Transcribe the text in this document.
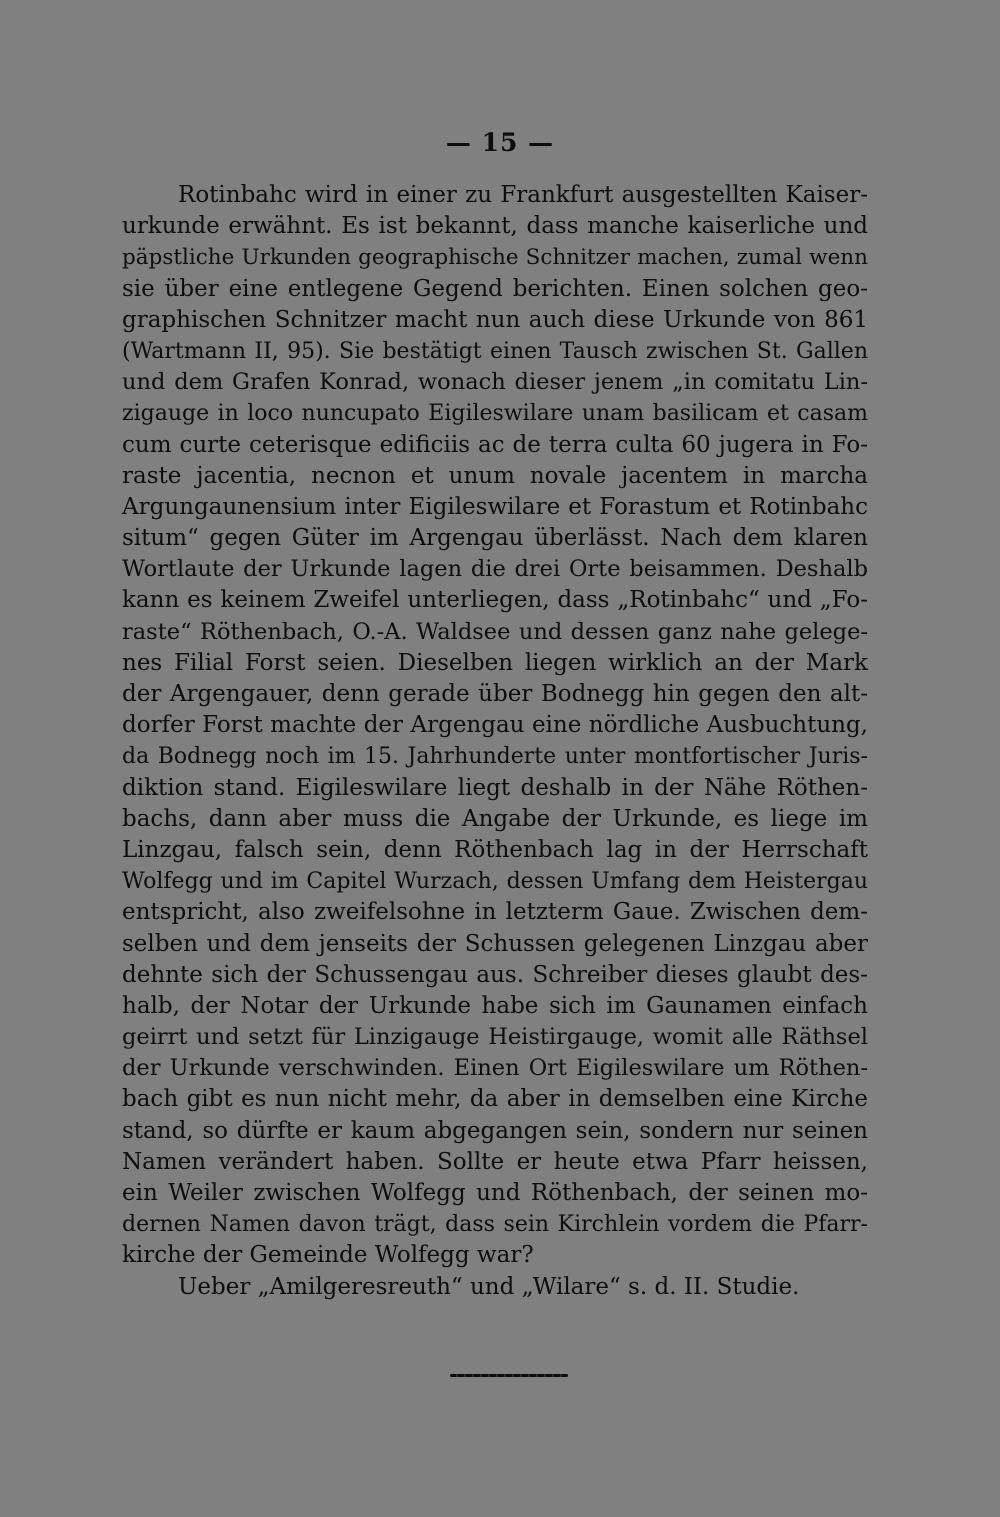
— 15 —
Rotinbahc wird in einer zu Frankfurt ausgestellten Kaiser-
urkunde erwähnt. Es ist bekannt, dass manche kaiserliche und
päpstliche Urkunden geographische Schnitzer machen, zumal wenn
sie über eine entlegene Gegend berichten. Einen solchen geo-
graphischen Schnitzer macht nun auch diese Urkunde von 861
(Wartmann II, 95). Sie bestätigt einen Tausch zwischen St. Gallen
und dem Grafen Konrad, wonach dieser jenem „in comitatu Lin-
zigauge in loco nuncupato Eigileswilare unam basilicam et casam
cum curte ceterisque edificiis ac de terra culta 60 jugera in Fo-
raste jacentia, necnon et unum novale jacentem in marcha
Argungaunensium inter Eigileswilare et Forastum et Rotinbahc
situm“ gegen Güter im Argengau überlässt. Nach dem klaren
Wortlaute der Urkunde lagen die drei Orte beisammen. Deshalb
kann es keinem Zweifel unterliegen, dass „Rotinbahc“ und „Fo-
raste“ Röthenbach, O.-A. Waldsee und dessen ganz nahe gelege-
nes Filial Forst seien. Dieselben liegen wirklich an der Mark
der Argengauer, denn gerade über Bodnegg hin gegen den alt-
dorfer Forst machte der Argengau eine nördliche Ausbuchtung,
da Bodnegg noch im 15. Jahrhunderte unter montfortischer Juris-
diktion stand. Eigileswilare liegt deshalb in der Nähe Röthen-
bachs, dann aber muss die Angabe der Urkunde, es liege im
Linzgau, falsch sein, denn Röthenbach lag in der Herrschaft
Wolfegg und im Capitel Wurzach, dessen Umfang dem Heistergau
entspricht, also zweifelsohne in letzterm Gaue. Zwischen dem-
selben und dem jenseits der Schussen gelegenen Linzgau aber
dehnte sich der Schussengau aus. Schreiber dieses glaubt des-
halb, der Notar der Urkunde habe sich im Gaunamen einfach
geirrt und setzt für Linzigauge Heistirgauge, womit alle Räthsel
der Urkunde verschwinden. Einen Ort Eigileswilare um Röthen-
bach gibt es nun nicht mehr, da aber in demselben eine Kirche
stand, so dürfte er kaum abgegangen sein, sondern nur seinen
Namen verändert haben. Sollte er heute etwa Pfarr heissen,
ein Weiler zwischen Wolfegg und Röthenbach, der seinen mo-
dernen Namen davon trägt, dass sein Kirchlein vordem die Pfarr-
kirche der Gemeinde Wolfegg war?
Ueber „Amilgeresreuth“ und „Wilare“ s. d. II. Studie.
